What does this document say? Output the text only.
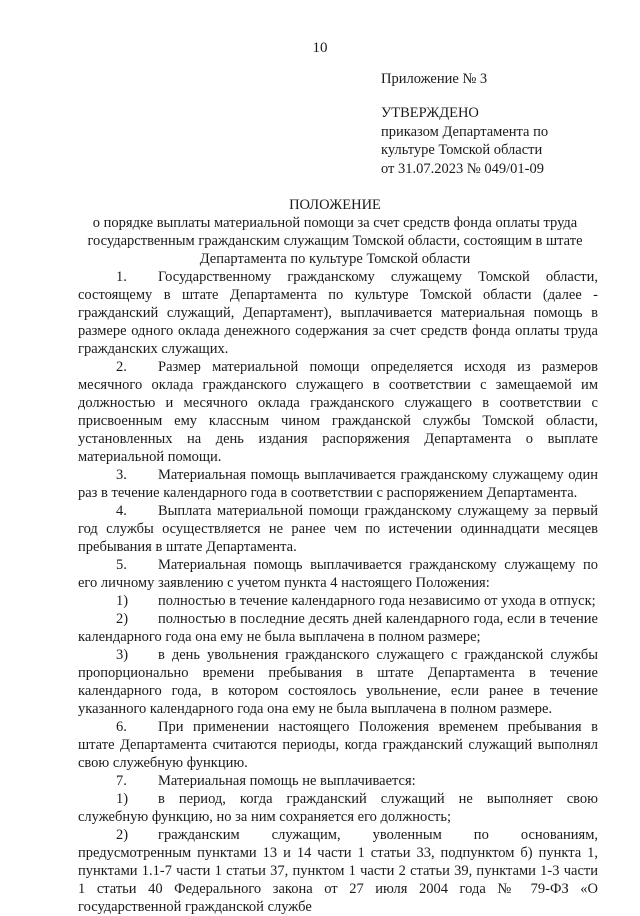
10
Приложение № 3
УТВЕРЖДЕНО
приказом Департамента по
культуре Томской области
от 31.07.2023 № 049/01-09
ПОЛОЖЕНИЕ
о порядке выплаты материальной помощи за счет средств фонда оплаты труда государственным гражданским служащим Томской области, состоящим в штате Департамента по культуре Томской области
1. Государственному гражданскому служащему Томской области, состоящему в штате Департамента по культуре Томской области (далее - гражданский служащий, Департамент), выплачивается материальная помощь в размере одного оклада денежного содержания за счет средств фонда оплаты труда гражданских служащих.
2. Размер материальной помощи определяется исходя из размеров месячного оклада гражданского служащего в соответствии с замещаемой им должностью и месячного оклада гражданского служащего в соответствии с присвоенным ему классным чином гражданской службы Томской области, установленных на день издания распоряжения Департамента о выплате материальной помощи.
3. Материальная помощь выплачивается гражданскому служащему один раз в течение календарного года в соответствии с распоряжением Департамента.
4. Выплата материальной помощи гражданскому служащему за первый год службы осуществляется не ранее чем по истечении одиннадцати месяцев пребывания в штате Департамента.
5. Материальная помощь выплачивается гражданскому служащему по его личному заявлению с учетом пункта 4 настоящего Положения:
1) полностью в течение календарного года независимо от ухода в отпуск;
2) полностью в последние десять дней календарного года, если в течение календарного года она ему не была выплачена в полном размере;
3) в день увольнения гражданского служащего с гражданской службы пропорционально времени пребывания в штате Департамента в течение календарного года, в котором состоялось увольнение, если ранее в течение указанного календарного года она ему не была выплачена в полном размере.
6. При применении настоящего Положения временем пребывания в штате Департамента считаются периоды, когда гражданский служащий выполнял свою служебную функцию.
7. Материальная помощь не выплачивается:
1) в период, когда гражданский служащий не выполняет свою служебную функцию, но за ним сохраняется его должность;
2) гражданским служащим, уволенным по основаниям, предусмотренным пунктами 13 и 14 части 1 статьи 33, подпунктом б) пункта 1, пунктами 1.1-7 части 1 статьи 37, пунктом 1 части 2 статьи 39, пунктами 1-3 части 1 статьи 40 Федерального закона от 27 июля 2004 года № 79-ФЗ «О государственной гражданской службе
